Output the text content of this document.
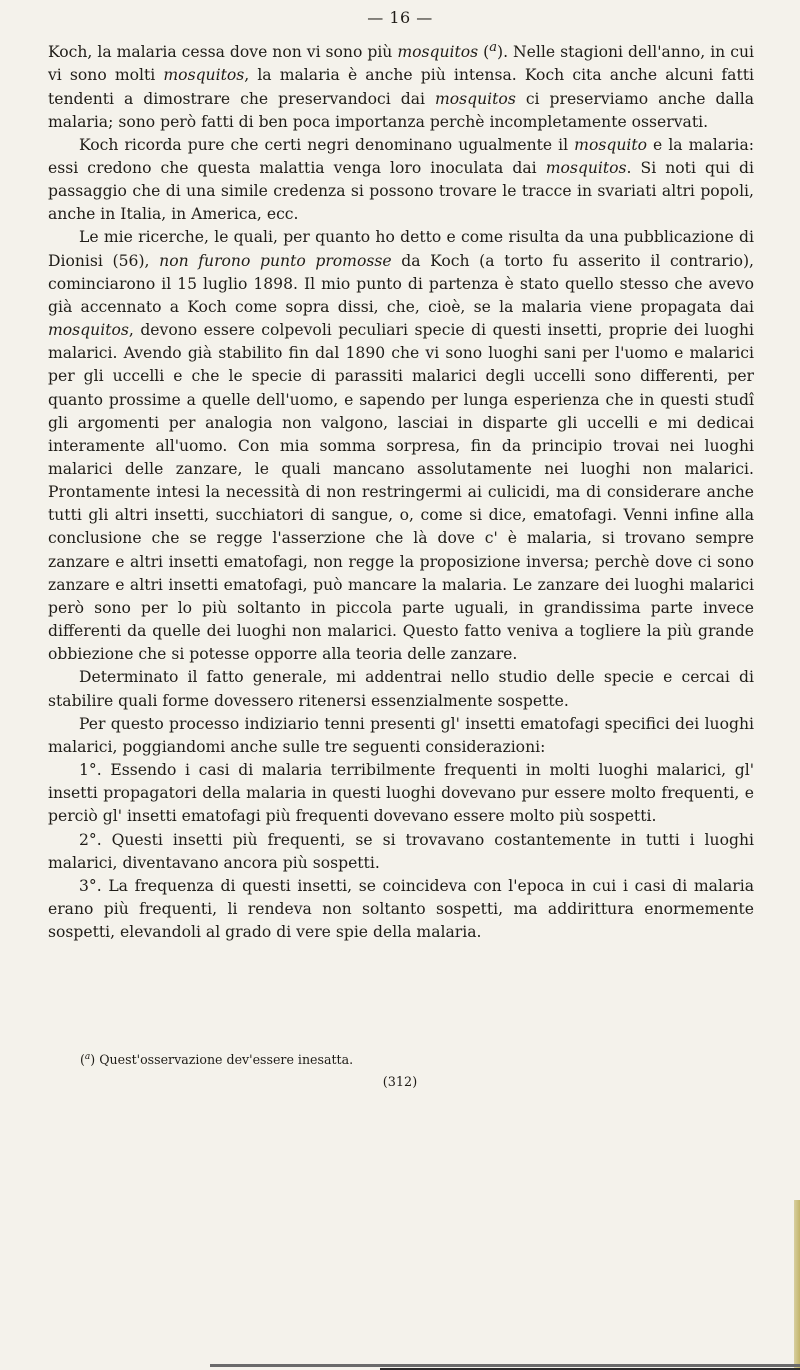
— 16 —

Koch, la malaria cessa dove non vi sono più mosquitos ($^a$). Nelle stagioni dell'anno, in cui vi sono molti mosquitos, la malaria è anche più intensa. Koch cita anche alcuni fatti tendenti a dimostrare che preservandoci dai mosquitos ci preserviamo anche dalla malaria; sono però fatti di ben poca importanza perchè incompletamente osservati.

Koch ricorda pure che certi negri denominano ugualmente il mosquito e la malaria: essi credono che questa malattia venga loro inoculata dai mosquitos. Si noti qui di passaggio che di una simile credenza si possono trovare le tracce in svariati altri popoli, anche in Italia, in America, ecc.

Le mie ricerche, le quali, per quanto ho detto e come risulta da una pubblicazione di Dionisi (56), non furono punto promosse da Koch (a torto fu asserito il contrario), cominciarono il 15 luglio 1898. Il mio punto di partenza è stato quello stesso che avevo già accennato a Koch come sopra dissi, che, cioè, se la malaria viene propagata dai mosquitos, devono essere colpevoli peculiari specie di questi insetti, proprie dei luoghi malarici. Avendo già stabilito fin dal 1890 che vi sono luoghi sani per l'uomo e malarici per gli uccelli e che le specie di parassiti malarici degli uccelli sono differenti, per quanto prossime a quelle dell'uomo, e sapendo per lunga esperienza che in questi studî gli argomenti per analogia non valgono, lasciai in disparte gli uccelli e mi dedicai interamente all'uomo. Con mia somma sorpresa, fin da principio trovai nei luoghi malarici delle zanzare, le quali mancano assolutamente nei luoghi non malarici. Prontamente intesi la necessità di non restringermi ai culicidi, ma di considerare anche tutti gli altri insetti, succhiatori di sangue, o, come si dice, ematofagi. Venni infine alla conclusione che se regge l'asserzione che là dove c' è malaria, si trovano sempre zanzare e altri insetti ematofagi, non regge la proposizione inversa; perchè dove ci sono zanzare e altri insetti ematofagi, può mancare la malaria. Le zanzare dei luoghi malarici però sono per lo più soltanto in piccola parte uguali, in grandissima parte invece differenti da quelle dei luoghi non malarici. Questo fatto veniva a togliere la più grande obbiezione che si potesse opporre alla teoria delle zanzare.

Determinato il fatto generale, mi addentrai nello studio delle specie e cercai di stabilire quali forme dovessero ritenersi essenzialmente sospette.

Per questo processo indiziario tenni presenti gl' insetti ematofagi specifici dei luoghi malarici, poggiandomi anche sulle tre seguenti considerazioni:

1°. Essendo i casi di malaria terribilmente frequenti in molti luoghi malarici, gl' insetti propagatori della malaria in questi luoghi dovevano pur essere molto frequenti, e perciò gl' insetti ematofagi più frequenti dovevano essere molto più sospetti.

2°. Questi insetti più frequenti, se si trovavano costantemente in tutti i luoghi malarici, diventavano ancora più sospetti.

3°. La frequenza di questi insetti, se coincideva con l'epoca in cui i casi di malaria erano più frequenti, li rendeva non soltanto sospetti, ma addirittura enormemente sospetti, elevandoli al grado di vere spie della malaria.

($^a$) Quest'osservazione dev'essere inesatta.
(312)
